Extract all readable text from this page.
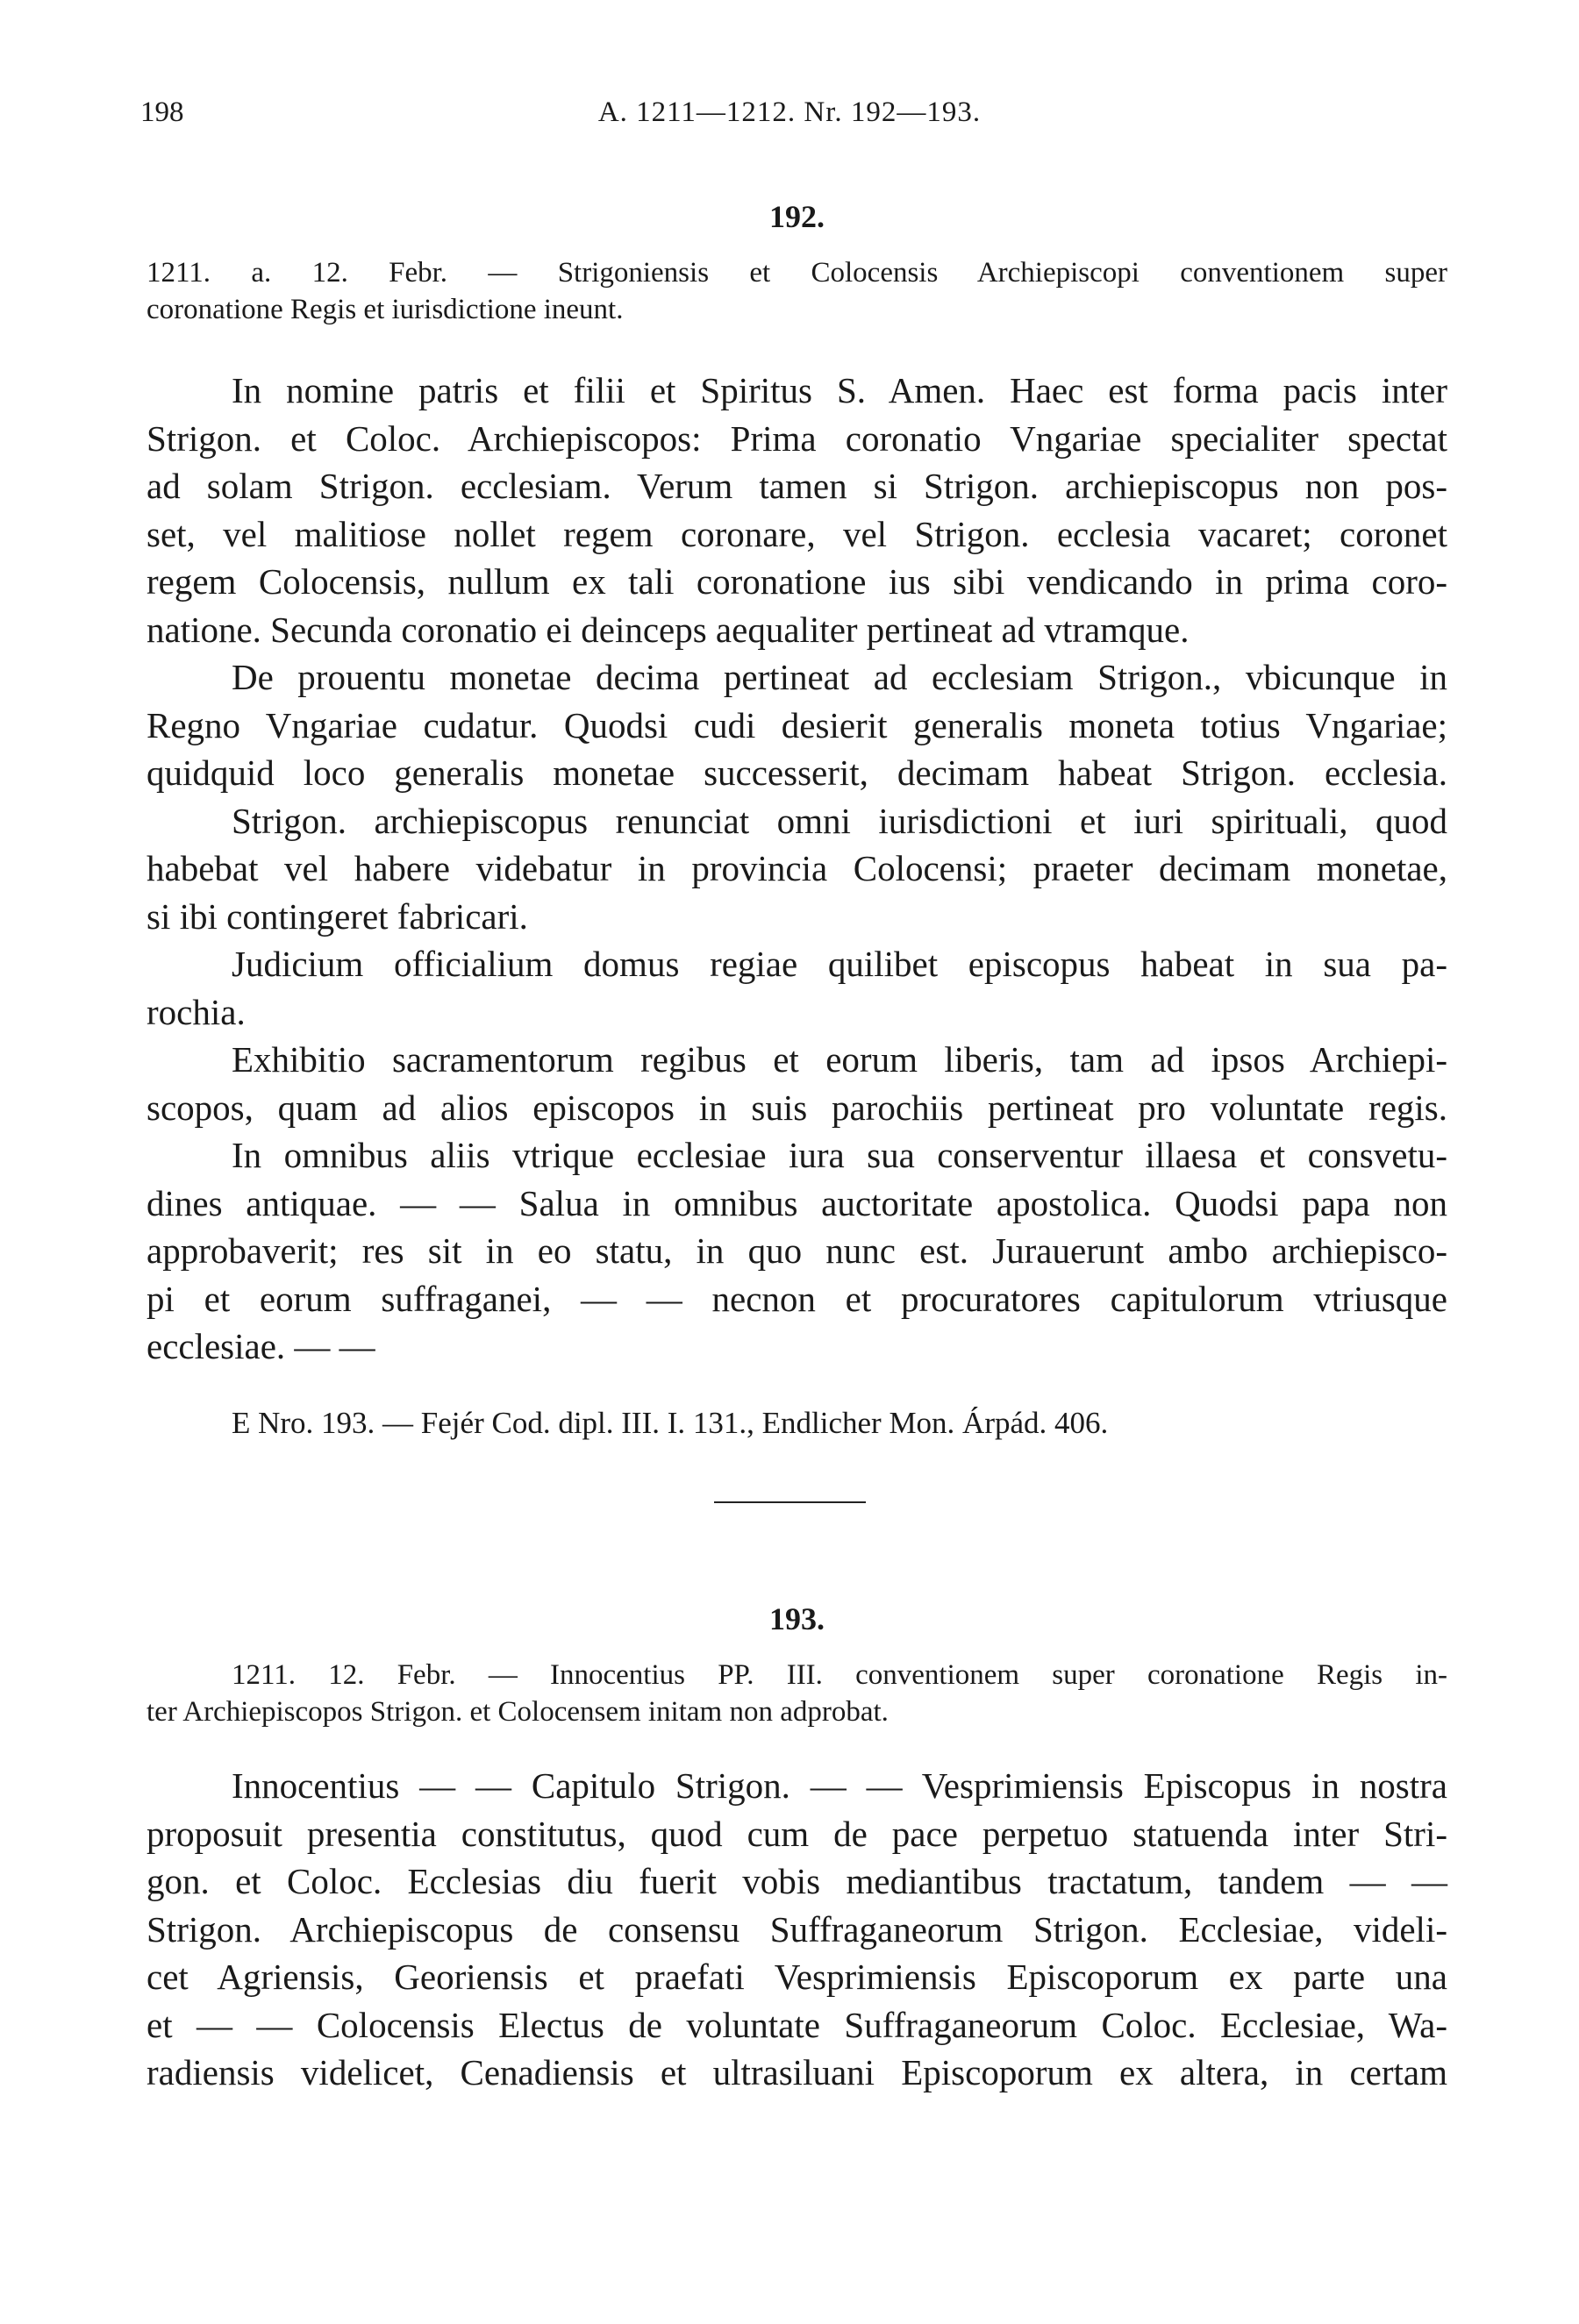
198	A. 1211—1212. Nr. 192—193.

192.

1211. a. 12. Febr. — Strigoniensis et Colocensis Archiepiscopi conventionem super
coronatione Regis et iurisdictione ineunt.

In nomine patris et filii et Spiritus S. Amen. Haec est forma pacis inter
Strigon. et Coloc. Archiepiscopos: Prima coronatio Vngariae specialiter spectat
ad solam Strigon. ecclesiam. Verum tamen si Strigon. archiepiscopus non pos-
set, vel malitiose nollet regem coronare, vel Strigon. ecclesia vacaret; coronet
regem Colocensis, nullum ex tali coronatione ius sibi vendicando in prima coro-
natione. Secunda coronatio ei deinceps aequaliter pertineat ad vtramque.

De prouentu monetae decima pertineat ad ecclesiam Strigon., vbicunque in
Regno Vngariae cudatur. Quodsi cudi desierit generalis moneta totius Vngariae;
quidquid loco generalis monetae successerit, decimam habeat Strigon. ecclesia.

Strigon. archiepiscopus renunciat omni iurisdictioni et iuri spirituali, quod
habebat vel habere videbatur in provincia Colocensi; praeter decimam monetae,
si ibi contingeret fabricari.

Judicium officialium domus regiae quilibet episcopus habeat in sua pa-
rochia.

Exhibitio sacramentorum regibus et eorum liberis, tam ad ipsos Archiepi-
scopos, quam ad alios episcopos in suis parochiis pertineat pro voluntate regis.

In omnibus aliis vtrique ecclesiae iura sua conserventur illaesa et consvetu-
dines antiquae. — — Salua in omnibus auctoritate apostolica. Quodsi papa non
approbaverit; res sit in eo statu, in quo nunc est. Jurauerunt ambo archiepisco-
pi et eorum suffraganei, — — necnon et procuratores capitulorum vtriusque
ecclesiae. — —

E Nro. 193. — Fejér Cod. dipl. III. I. 131., Endlicher Mon. Árpád. 406.

193.

1211. 12. Febr. — Innocentius PP. III. conventionem super coronatione Regis in-
ter Archiepiscopos Strigon. et Colocensem initam non adprobat.

Innocentius — — Capitulo Strigon. — — Vesprimiensis Episcopus in nostra
proposuit presentia constitutus, quod cum de pace perpetuo statuenda inter Stri-
gon. et Coloc. Ecclesias diu fuerit vobis mediantibus tractatum, tandem — —
Strigon. Archiepiscopus de consensu Suffraganeorum Strigon. Ecclesiae, videli-
cet Agriensis, Georiensis et praefati Vesprimiensis Episcoporum ex parte una
et — — Colocensis Electus de voluntate Suffraganeorum Coloc. Ecclesiae, Wa-
radiensis videlicet, Cenadiensis et ultrasiluani Episcoporum ex altera, in certam
